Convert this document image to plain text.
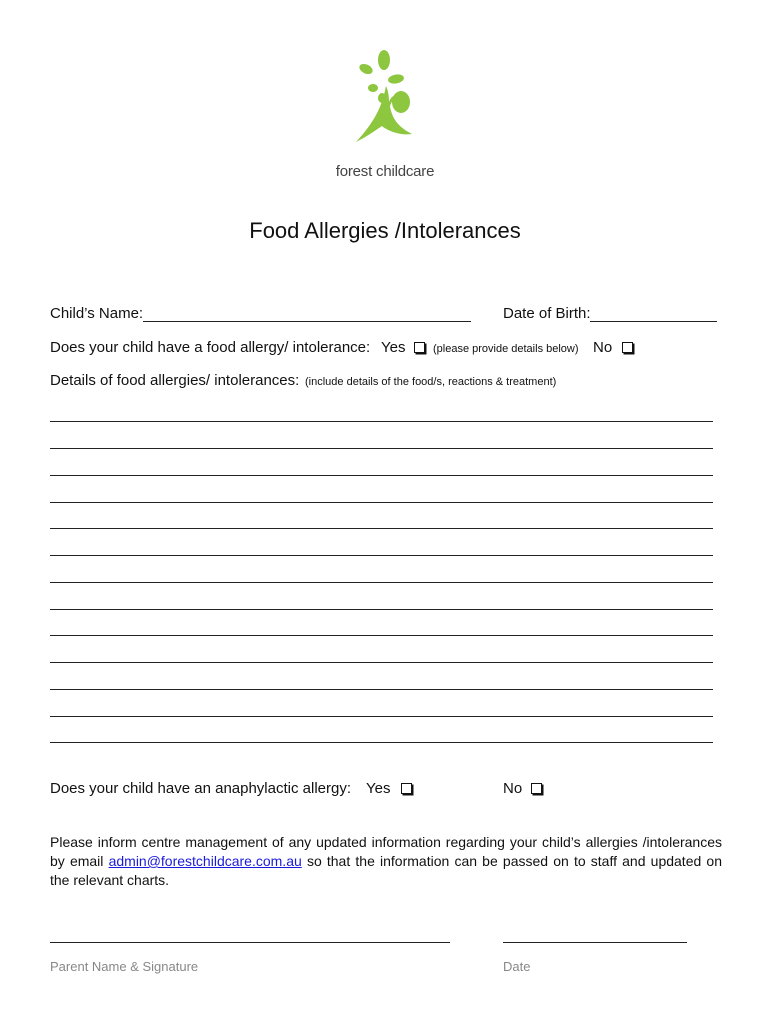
forest childcare
Food Allergies /Intolerances
Child’s Name:	Date of Birth:
Does your child have a food allergy/ intolerance: Yes	(please provide details below) No
Details of food allergies/ intolerances: (include details of the food/s, reactions & treatment)
Does your child have an anaphylactic allergy: Yes	No
Please inform centre management of any updated information regarding your child’s allergies /intolerances by email admin@forestchildcare.com.au so that the information can be passed on to staff and updated on the relevant charts.
Parent Name & Signature	Date
